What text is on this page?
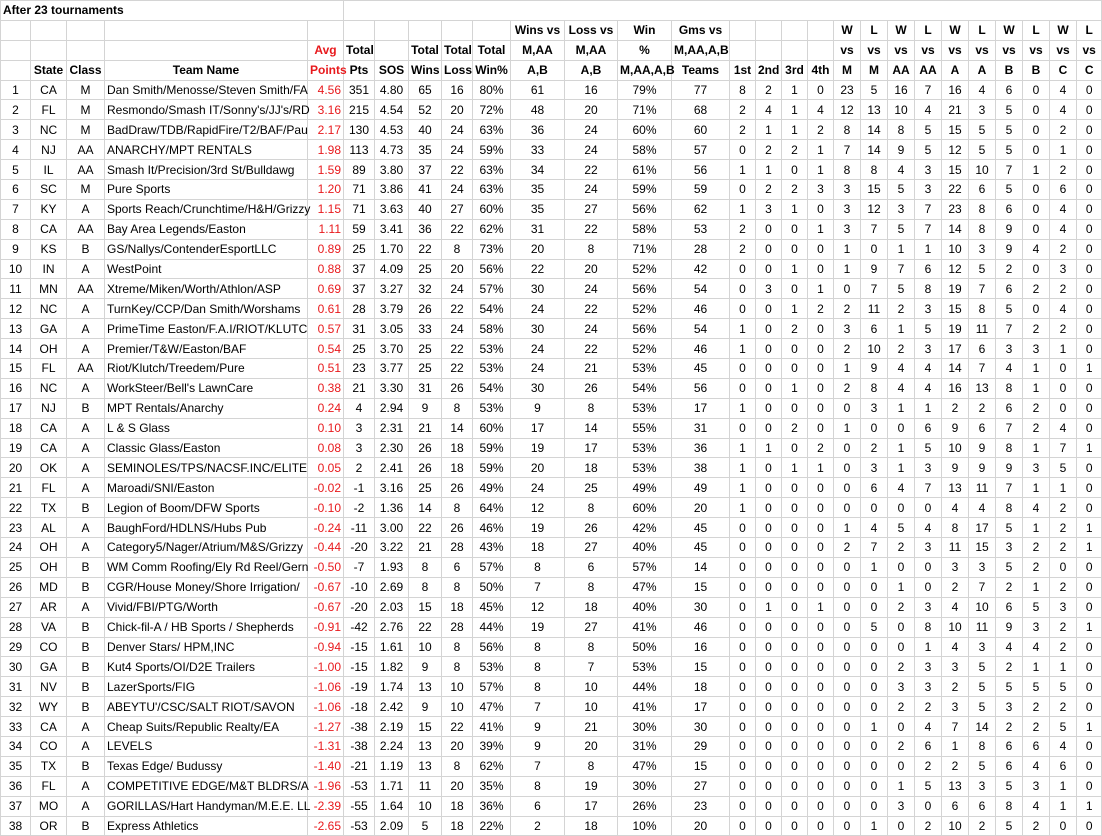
After 23 tournaments																											
										Wins vs	Loss vs	Win	Gms vs					W	L	W	L	W	L	W	L	W	L
				Avg	Total		Total	Total	Total	M,AA	M,AA	%	M,AA,A,B					vs	vs	vs	vs	vs	vs	vs	vs	vs	vs
	State	Class	Team Name	Points	Pts	SOS	Wins	Loss	Win%	A,B	A,B	M,AA,A,B	Teams	1st	2nd	3rd	4th	M	M	AA	AA	A	A	B	B	C	C
1	CA	M	Dan Smith/Menosse/Steven Smith/FA	4.56	351	4.80	65	16	80%	61	16	79%	77	8	2	1	0	23	5	16	7	16	4	6	0	4	0
2	FL	M	Resmondo/Smash IT/Sonny's/JJ's/RD	3.16	215	4.54	52	20	72%	48	20	71%	68	2	4	1	4	12	13	10	4	21	3	5	0	4	0
3	NC	M	BadDraw/TDB/RapidFire/T2/BAF/Pau	2.17	130	4.53	40	24	63%	36	24	60%	60	2	1	1	2	8	14	8	5	15	5	5	0	2	0
4	NJ	AA	ANARCHY/MPT RENTALS	1.98	113	4.73	35	24	59%	33	24	58%	57	0	2	2	1	7	14	9	5	12	5	5	0	1	0
5	IL	AA	Smash It/Precision/3rd St/Bulldawg	1.59	89	3.80	37	22	63%	34	22	61%	56	1	1	0	1	8	8	4	3	15	10	7	1	2	0
6	SC	M	Pure Sports	1.20	71	3.86	41	24	63%	35	24	59%	59	0	2	2	3	3	15	5	3	22	6	5	0	6	0
7	KY	A	Sports Reach/Crunchtime/H&H/Grizzy	1.15	71	3.63	40	27	60%	35	27	56%	62	1	3	1	0	3	12	3	7	23	8	6	0	4	0
8	CA	AA	Bay Area Legends/Easton	1.11	59	3.41	36	22	62%	31	22	58%	53	2	0	0	1	3	7	5	7	14	8	9	0	4	0
9	KS	B	GS/Nallys/ContenderEsportLLC	0.89	25	1.70	22	8	73%	20	8	71%	28	2	0	0	0	1	0	1	1	10	3	9	4	2	0
10	IN	A	WestPoint	0.88	37	4.09	25	20	56%	22	20	52%	42	0	0	1	0	1	9	7	6	12	5	2	0	3	0
11	MN	AA	Xtreme/Miken/Worth/Athlon/ASP	0.69	37	3.27	32	24	57%	30	24	56%	54	0	3	0	1	0	7	5	8	19	7	6	2	2	0
12	NC	A	TurnKey/CCP/Dan Smith/Worshams	0.61	28	3.79	26	22	54%	24	22	52%	46	0	0	1	2	2	11	2	3	15	8	5	0	4	0
13	GA	A	PrimeTime Easton/F.A.I/RIOT/KLUTC	0.57	31	3.05	33	24	58%	30	24	56%	54	1	0	2	0	3	6	1	5	19	11	7	2	2	0
14	OH	A	Premier/T&W/Easton/BAF	0.54	25	3.70	25	22	53%	24	22	52%	46	1	0	0	0	2	10	2	3	17	6	3	3	1	0
15	FL	AA	Riot/Klutch/Treedem/Pure	0.51	23	3.77	25	22	53%	24	21	53%	45	0	0	0	0	1	9	4	4	14	7	4	1	0	1
16	NC	A	WorkSteer/Bell's LawnCare	0.38	21	3.30	31	26	54%	30	26	54%	56	0	0	1	0	2	8	4	4	16	13	8	1	0	0
17	NJ	B	MPT Rentals/Anarchy	0.24	4	2.94	9	8	53%	9	8	53%	17	1	0	0	0	0	3	1	1	2	2	6	2	0	0
18	CA	A	L & S Glass	0.10	3	2.31	21	14	60%	17	14	55%	31	0	0	2	0	1	0	0	6	9	6	7	2	4	0
19	CA	A	Classic Glass/Easton	0.08	3	2.30	26	18	59%	19	17	53%	36	1	1	0	2	0	2	1	5	10	9	8	1	7	1
20	OK	A	SEMINOLES/TPS/NACSF.INC/ELITE	0.05	2	2.41	26	18	59%	20	18	53%	38	1	0	1	1	0	3	1	3	9	9	9	3	5	0
21	FL	A	Maroadi/SNI/Easton	-0.02	-1	3.16	25	26	49%	24	25	49%	49	1	0	0	0	0	6	4	7	13	11	7	1	1	0
22	TX	B	Legion of Boom/DFW Sports	-0.10	-2	1.36	14	8	64%	12	8	60%	20	1	0	0	0	0	0	0	0	4	4	8	4	2	0
23	AL	A	BaughFord/HDLNS/Hubs Pub	-0.24	-11	3.00	22	26	46%	19	26	42%	45	0	0	0	0	1	4	5	4	8	17	5	1	2	1
24	OH	A	Category5/Nager/Atrium/M&S/Grizzy	-0.44	-20	3.22	21	28	43%	18	27	40%	45	0	0	0	0	2	7	2	3	11	15	3	2	2	1
25	OH	B	WM Comm Roofing/Ely Rd Reel/Gern	-0.50	-7	1.93	8	6	57%	8	6	57%	14	0	0	0	0	0	1	0	0	3	3	5	2	0	0
26	MD	B	CGR/House Money/Shore Irrigation/	-0.67	-10	2.69	8	8	50%	7	8	47%	15	0	0	0	0	0	0	1	0	2	7	2	1	2	0
27	AR	A	Vivid/FBI/PTG/Worth	-0.67	-20	2.03	15	18	45%	12	18	40%	30	0	1	0	1	0	0	2	3	4	10	6	5	3	0
28	VA	B	Chick-fil-A / HB Sports / Shepherds	-0.91	-42	2.76	22	28	44%	19	27	41%	46	0	0	0	0	0	5	0	8	10	11	9	3	2	1
29	CO	B	Denver Stars/ HPM,INC	-0.94	-15	1.61	10	8	56%	8	8	50%	16	0	0	0	0	0	0	0	1	4	3	4	4	2	0
30	GA	B	Kut4 Sports/OI/D2E Trailers	-1.00	-15	1.82	9	8	53%	8	7	53%	15	0	0	0	0	0	0	2	3	3	5	2	1	1	0
31	NV	B	LazerSports/FIG	-1.06	-19	1.74	13	10	57%	8	10	44%	18	0	0	0	0	0	0	3	3	2	5	5	5	5	0
32	WY	B	ABEYTU'/CSC/SALT RIOT/SAVON	-1.06	-18	2.42	9	10	47%	7	10	41%	17	0	0	0	0	0	0	2	2	3	5	3	2	2	0
33	CA	A	Cheap Suits/Republic Realty/EA	-1.27	-38	2.19	15	22	41%	9	21	30%	30	0	0	0	0	0	1	0	4	7	14	2	2	5	1
34	CO	A	LEVELS	-1.31	-38	2.24	13	20	39%	9	20	31%	29	0	0	0	0	0	0	2	6	1	8	6	6	4	0
35	TX	B	Texas Edge/ Budussy	-1.40	-21	1.19	13	8	62%	7	8	47%	15	0	0	0	0	0	0	0	2	2	5	6	4	6	0
36	FL	A	COMPETITIVE EDGE/M&T BLDRS/A	-1.96	-53	1.71	11	20	35%	8	19	30%	27	0	0	0	0	0	0	1	5	13	3	5	3	1	0
37	MO	A	GORILLAS/Hart Handyman/M.E.E. LL	-2.39	-55	1.64	10	18	36%	6	17	26%	23	0	0	0	0	0	0	3	0	6	6	8	4	1	1
38	OR	B	Express Athletics	-2.65	-53	2.09	5	18	22%	2	18	10%	20	0	0	0	0	0	1	0	2	10	2	5	2	0	0
